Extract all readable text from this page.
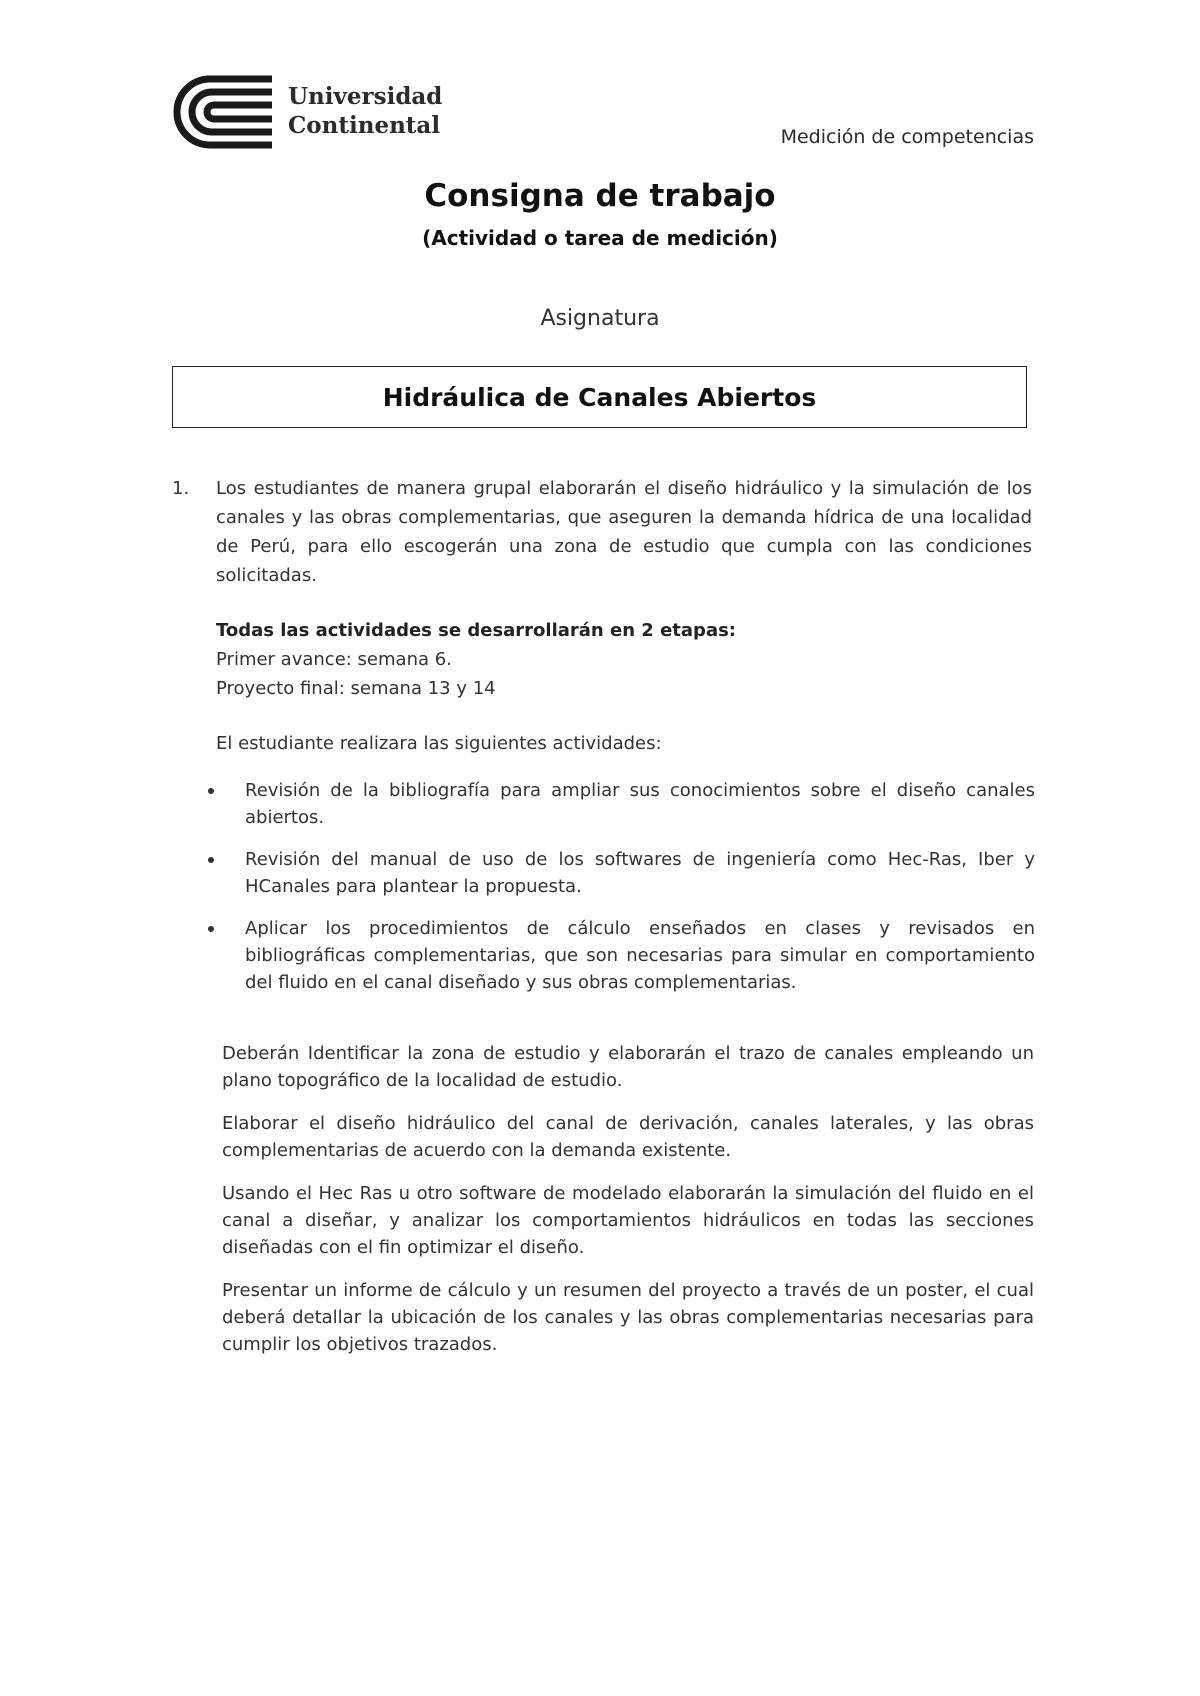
Universidad
Continental	Medición de competencias
Consigna de trabajo
(Actividad o tarea de medición)
Asignatura
Hidráulica de Canales Abiertos
1. Los estudiantes de manera grupal elaborarán el diseño hidráulico y la simulación de los canales y las obras complementarias, que aseguren la demanda hídrica de una localidad de Perú, para ello escogerán una zona de estudio que cumpla con las condiciones solicitadas.
Todas las actividades se desarrollarán en 2 etapas:
Primer avance: semana 6.
Proyecto final: semana 13 y 14
El estudiante realizara las siguientes actividades:
Revisión de la bibliografía para ampliar sus conocimientos sobre el diseño canales abiertos.
Revisión del manual de uso de los softwares de ingeniería como Hec-Ras, Iber y HCanales para plantear la propuesta.
Aplicar los procedimientos de cálculo enseñados en clases y revisados en bibliográficas complementarias, que son necesarias para simular en comportamiento del fluido en el canal diseñado y sus obras complementarias.

Deberán Identificar la zona de estudio y elaborarán el trazo de canales empleando un plano topográfico de la localidad de estudio.

Elaborar el diseño hidráulico del canal de derivación, canales laterales, y las obras complementarias de acuerdo con la demanda existente.

Usando el Hec Ras u otro software de modelado elaborarán la simulación del fluido en el canal a diseñar, y analizar los comportamientos hidráulicos en todas las secciones diseñadas con el fin optimizar el diseño.

Presentar un informe de cálculo y un resumen del proyecto a través de un poster, el cual deberá detallar la ubicación de los canales y las obras complementarias necesarias para cumplir los objetivos trazados.
